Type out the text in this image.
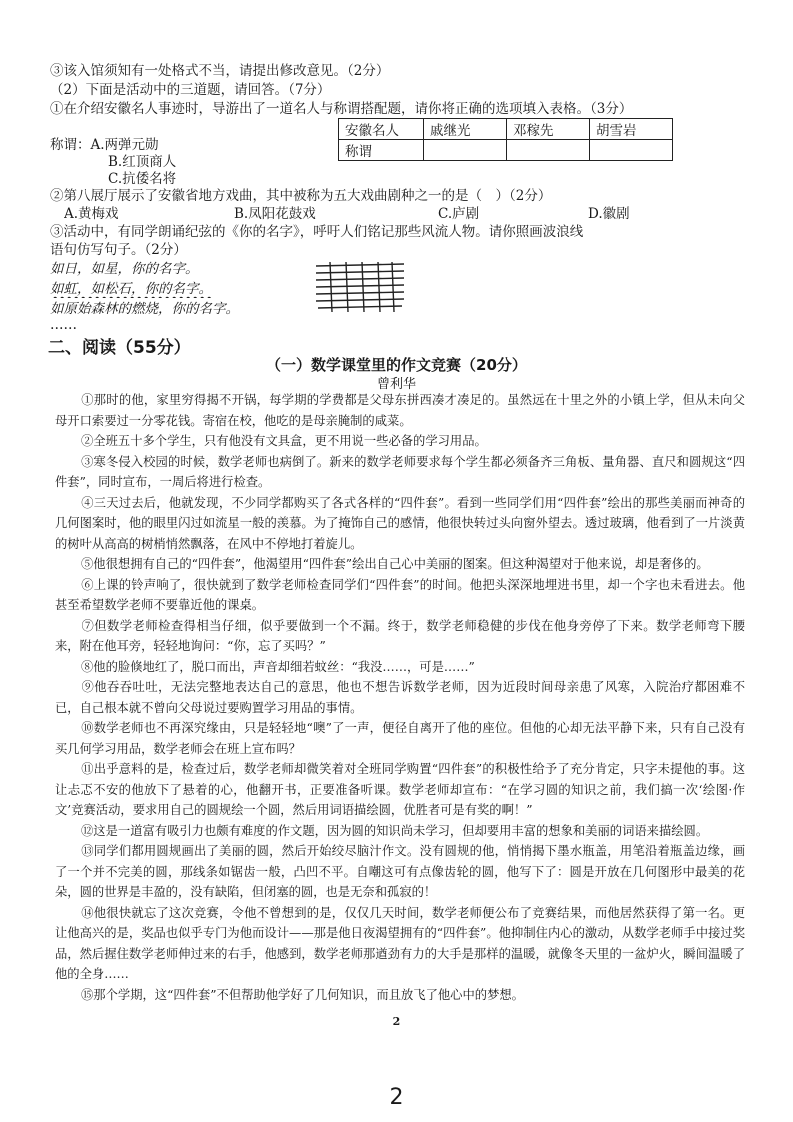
③该入馆须知有一处格式不当，请提出修改意见。（2分）
（2）下面是活动中的三道题，请回答。（7分）
①在介绍安徽名人事迹时，导游出了一道名人与称谓搭配题，请你将正确的选项填入表格。（3分）
称谓：A.两弹元勋
B.红顶商人
C.抗倭名将
安徽名人	戚继光	邓稼先	胡雪岩
称谓			
②第八展厅展示了安徽省地方戏曲，其中被称为五大戏曲剧种之一的是（　）（2分）
A.黄梅戏	B.凤阳花鼓戏	C.庐剧	D.徽剧
③活动中，有同学朗诵纪弦的《你的名字》，呼吁人们铭记那些风流人物。请你照画波浪线
语句仿写句子。（2分）
如日，如星，你的名字。
如虹，如松石，你的名字。
如原始森林的燃烧，你的名字。
……
二、阅读（55分）
（一）数学课堂里的作文竞赛（20分）
曾利华
①那时的他，家里穷得揭不开锅，每学期的学费都是父母东拼西凑才凑足的。虽然远在十里之外的小镇上学，但从未向父母开口索要过一分零花钱。寄宿在校，他吃的是母亲腌制的咸菜。
②全班五十多个学生，只有他没有文具盒，更不用说一些必备的学习用品。
③寒冬侵入校园的时候，数学老师也病倒了。新来的数学老师要求每个学生都必须备齐三角板、量角器、直尺和圆规这“四件套”，同时宣布，一周后将进行检查。
④三天过去后，他就发现，不少同学都购买了各式各样的“四件套”。看到一些同学们用“四件套”绘出的那些美丽而神奇的几何图案时，他的眼里闪过如流星一般的羡慕。为了掩饰自己的感情，他很快转过头向窗外望去。透过玻璃，他看到了一片淡黄的树叶从高高的树梢悄然飘落，在风中不停地打着旋儿。
⑤他很想拥有自己的“四件套”，他渴望用“四件套”绘出自己心中美丽的图案。但这种渴望对于他来说，却是奢侈的。
⑥上课的铃声响了，很快就到了数学老师检查同学们“四件套”的时间。他把头深深地埋进书里，却一个字也未看进去。他甚至希望数学老师不要靠近他的课桌。
⑦但数学老师检查得相当仔细，似乎要做到一个不漏。终于，数学老师稳健的步伐在他身旁停了下来。数学老师弯下腰来，附在他耳旁，轻轻地询问：“你，忘了买吗？”
⑧他的脸倏地红了，脱口而出，声音却细若蚊丝：“我没……，可是……”
⑨他吞吞吐吐，无法完整地表达自己的意思，他也不想告诉数学老师，因为近段时间母亲患了风寒，入院治疗都困难不已，自己根本就不曾向父母说过要购置学习用品的事情。
⑩数学老师也不再深究缘由，只是轻轻地“噢”了一声，便径自离开了他的座位。但他的心却无法平静下来，只有自己没有买几何学习用品，数学老师会在班上宣布吗？
⑪出乎意料的是，检查过后，数学老师却微笑着对全班同学购置“四件套”的积极性给予了充分肯定，只字未提他的事。这让忐忑不安的他放下了悬着的心，他翻开书，正要准备听课。数学老师却宣布：“在学习圆的知识之前，我们搞一次‘绘图·作文’竞赛活动，要求用自己的圆规绘一个圆，然后用词语描绘圆，优胜者可是有奖的啊！”
⑫这是一道富有吸引力也颇有难度的作文题，因为圆的知识尚未学习，但却要用丰富的想象和美丽的词语来描绘圆。
⑬同学们都用圆规画出了美丽的圆，然后开始绞尽脑汁作文。没有圆规的他，悄悄揭下墨水瓶盖，用笔沿着瓶盖边缘，画了一个并不完美的圆，那线条如锯齿一般，凸凹不平。自嘲这可有点像齿轮的圆，他写下了：圆是开放在几何图形中最美的花朵，圆的世界是丰盈的，没有缺陷，但闭塞的圆，也是无奈和孤寂的！
⑭他很快就忘了这次竞赛，令他不曾想到的是，仅仅几天时间，数学老师便公布了竞赛结果，而他居然获得了第一名。更让他高兴的是，奖品也似乎专门为他而设计——那是他日夜渴望拥有的“四件套”。他抑制住内心的激动，从数学老师手中接过奖品，然后握住数学老师伸过来的右手，他感到，数学老师那遒劲有力的大手是那样的温暖，就像冬天里的一盆炉火，瞬间温暖了他的全身……
⑮那个学期，这“四件套”不但帮助他学好了几何知识，而且放飞了他心中的梦想。
2
2
